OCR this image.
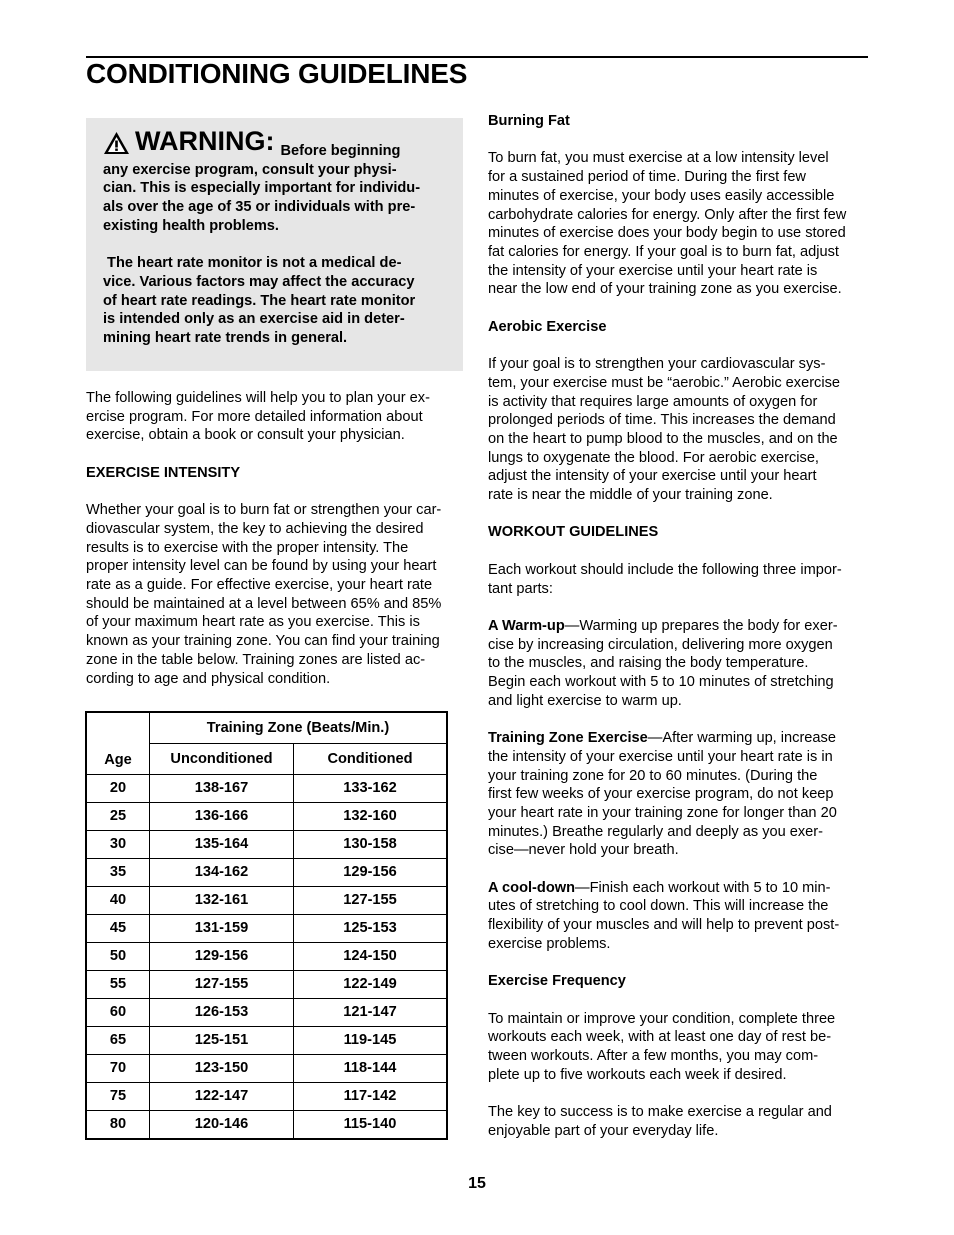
CONDITIONING GUIDELINES
WARNING: Before beginning
any exercise program, consult your physi-
cian. This is especially important for individu-
als over the age of 35 or individuals with pre-
existing health problems.
The heart rate monitor is not a medical de-
vice. Various factors may affect the accuracy
of heart rate readings. The heart rate monitor
is intended only as an exercise aid in deter-
mining heart rate trends in general.
The following guidelines will help you to plan your ex-
ercise program. For more detailed information about
exercise, obtain a book or consult your physician.
EXERCISE INTENSITY
Whether your goal is to burn fat or strengthen your car-
diovascular system, the key to achieving the desired
results is to exercise with the proper intensity. The
proper intensity level can be found by using your heart
rate as a guide. For effective exercise, your heart rate
should be maintained at a level between 65% and 85%
of your maximum heart rate as you exercise. This is
known as your training zone. You can find your training
zone in the table below. Training zones are listed ac-
cording to age and physical condition.
Age	Training Zone (Beats/Min.)	
	Unconditioned	Conditioned
20	138-167	133-162
25	136-166	132-160
30	135-164	130-158
35	134-162	129-156
40	132-161	127-155
45	131-159	125-153
50	129-156	124-150
55	127-155	122-149
60	126-153	121-147
65	125-151	119-145
70	123-150	118-144
75	122-147	117-142
80	120-146	115-140
Burning Fat
To burn fat, you must exercise at a low intensity level
for a sustained period of time. During the first few
minutes of exercise, your body uses easily accessible
carbohydrate calories for energy. Only after the first few
minutes of exercise does your body begin to use stored
fat calories for energy. If your goal is to burn fat, adjust
the intensity of your exercise until your heart rate is
near the low end of your training zone as you exercise.
Aerobic Exercise
If your goal is to strengthen your cardiovascular sys-
tem, your exercise must be “aerobic.” Aerobic exercise
is activity that requires large amounts of oxygen for
prolonged periods of time. This increases the demand
on the heart to pump blood to the muscles, and on the
lungs to oxygenate the blood. For aerobic exercise,
adjust the intensity of your exercise until your heart
rate is near the middle of your training zone.
WORKOUT GUIDELINES
Each workout should include the following three impor-
tant parts:
A Warm-up—Warming up prepares the body for exer-
cise by increasing circulation, delivering more oxygen
to the muscles, and raising the body temperature.
Begin each workout with 5 to 10 minutes of stretching
and light exercise to warm up.
Training Zone Exercise—After warming up, increase
the intensity of your exercise until your heart rate is in
your training zone for 20 to 60 minutes. (During the
first few weeks of your exercise program, do not keep
your heart rate in your training zone for longer than 20
minutes.) Breathe regularly and deeply as you exer-
cise—never hold your breath.
A cool-down—Finish each workout with 5 to 10 min-
utes of stretching to cool down. This will increase the
flexibility of your muscles and will help to prevent post-
exercise problems.
Exercise Frequency
To maintain or improve your condition, complete three
workouts each week, with at least one day of rest be-
tween workouts. After a few months, you may com-
plete up to five workouts each week if desired.
The key to success is to make exercise a regular and
enjoyable part of your everyday life.
15
